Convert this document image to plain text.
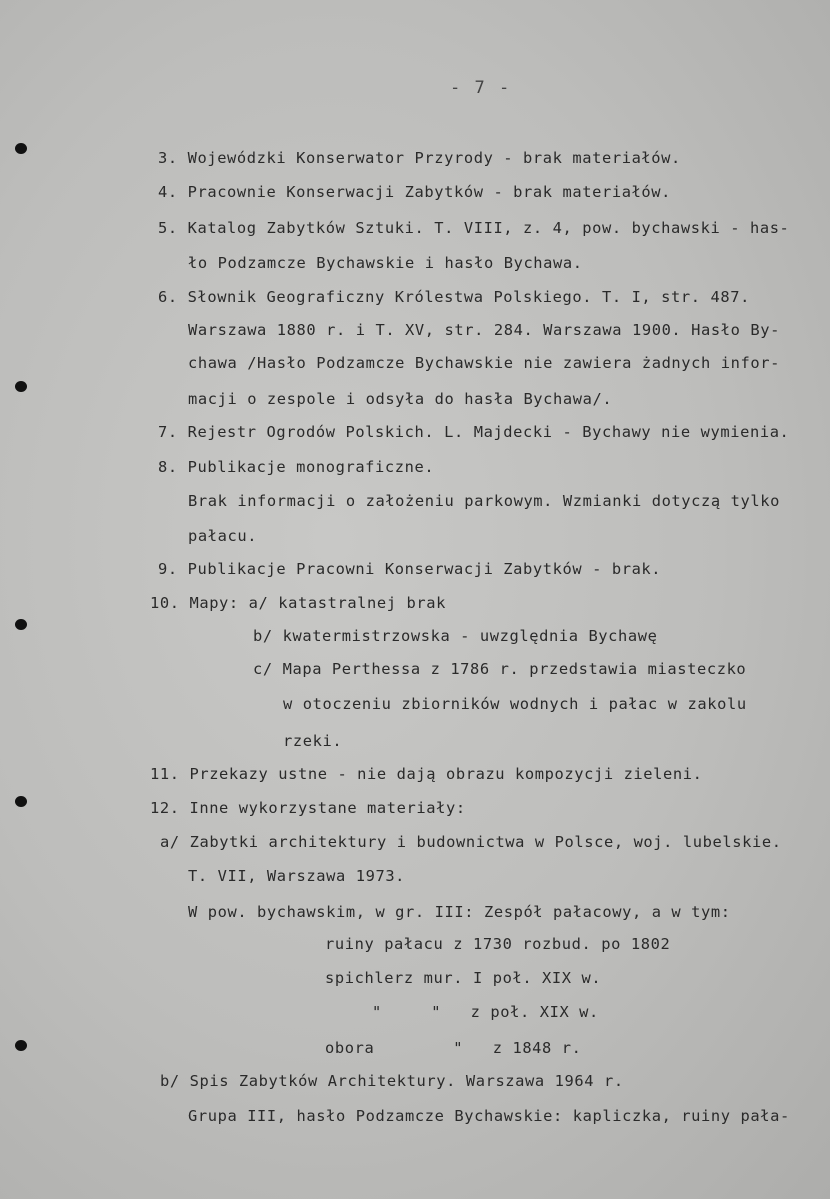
- 7 -
3. Wojewódzki Konserwator Przyrody - brak materiałów.
4. Pracownie Konserwacji Zabytków - brak materiałów.
5. Katalog Zabytków Sztuki. T. VIII, z. 4, pow. bychawski - has-
ło Podzamcze Bychawskie i hasło Bychawa.
6. Słownik Geograficzny Królestwa Polskiego. T. I, str. 487.
Warszawa 1880 r. i T. XV, str. 284. Warszawa 1900. Hasło By-
chawa /Hasło Podzamcze Bychawskie nie zawiera żadnych infor-
macji o zespole i odsyła do hasła Bychawa/.
7. Rejestr Ogrodów Polskich. L. Majdecki - Bychawy nie wymienia.
8. Publikacje monograficzne.
Brak informacji o założeniu parkowym. Wzmianki dotyczą tylko
pałacu.
9. Publikacje Pracowni Konserwacji Zabytków - brak.
10. Mapy: a/ katastralnej brak
b/ kwatermistrzowska - uwzględnia Bychawę
c/ Mapa Perthessa z 1786 r. przedstawia miasteczko
w otoczeniu zbiorników wodnych i pałac w zakolu
rzeki.
11. Przekazy ustne - nie dają obrazu kompozycji zieleni.
12. Inne wykorzystane materiały:
a/ Zabytki architektury i budownictwa w Polsce, woj. lubelskie.
T. VII, Warszawa 1973.
W pow. bychawskim, w gr. III: Zespół pałacowy, a w tym:
ruiny pałacu z 1730 rozbud. po 1802
spichlerz mur. I poł. XIX w.
"     "   z poł. XIX w.
obora        "   z 1848 r.
b/ Spis Zabytków Architektury. Warszawa 1964 r.
Grupa III, hasło Podzamcze Bychawskie: kapliczka, ruiny pała-
